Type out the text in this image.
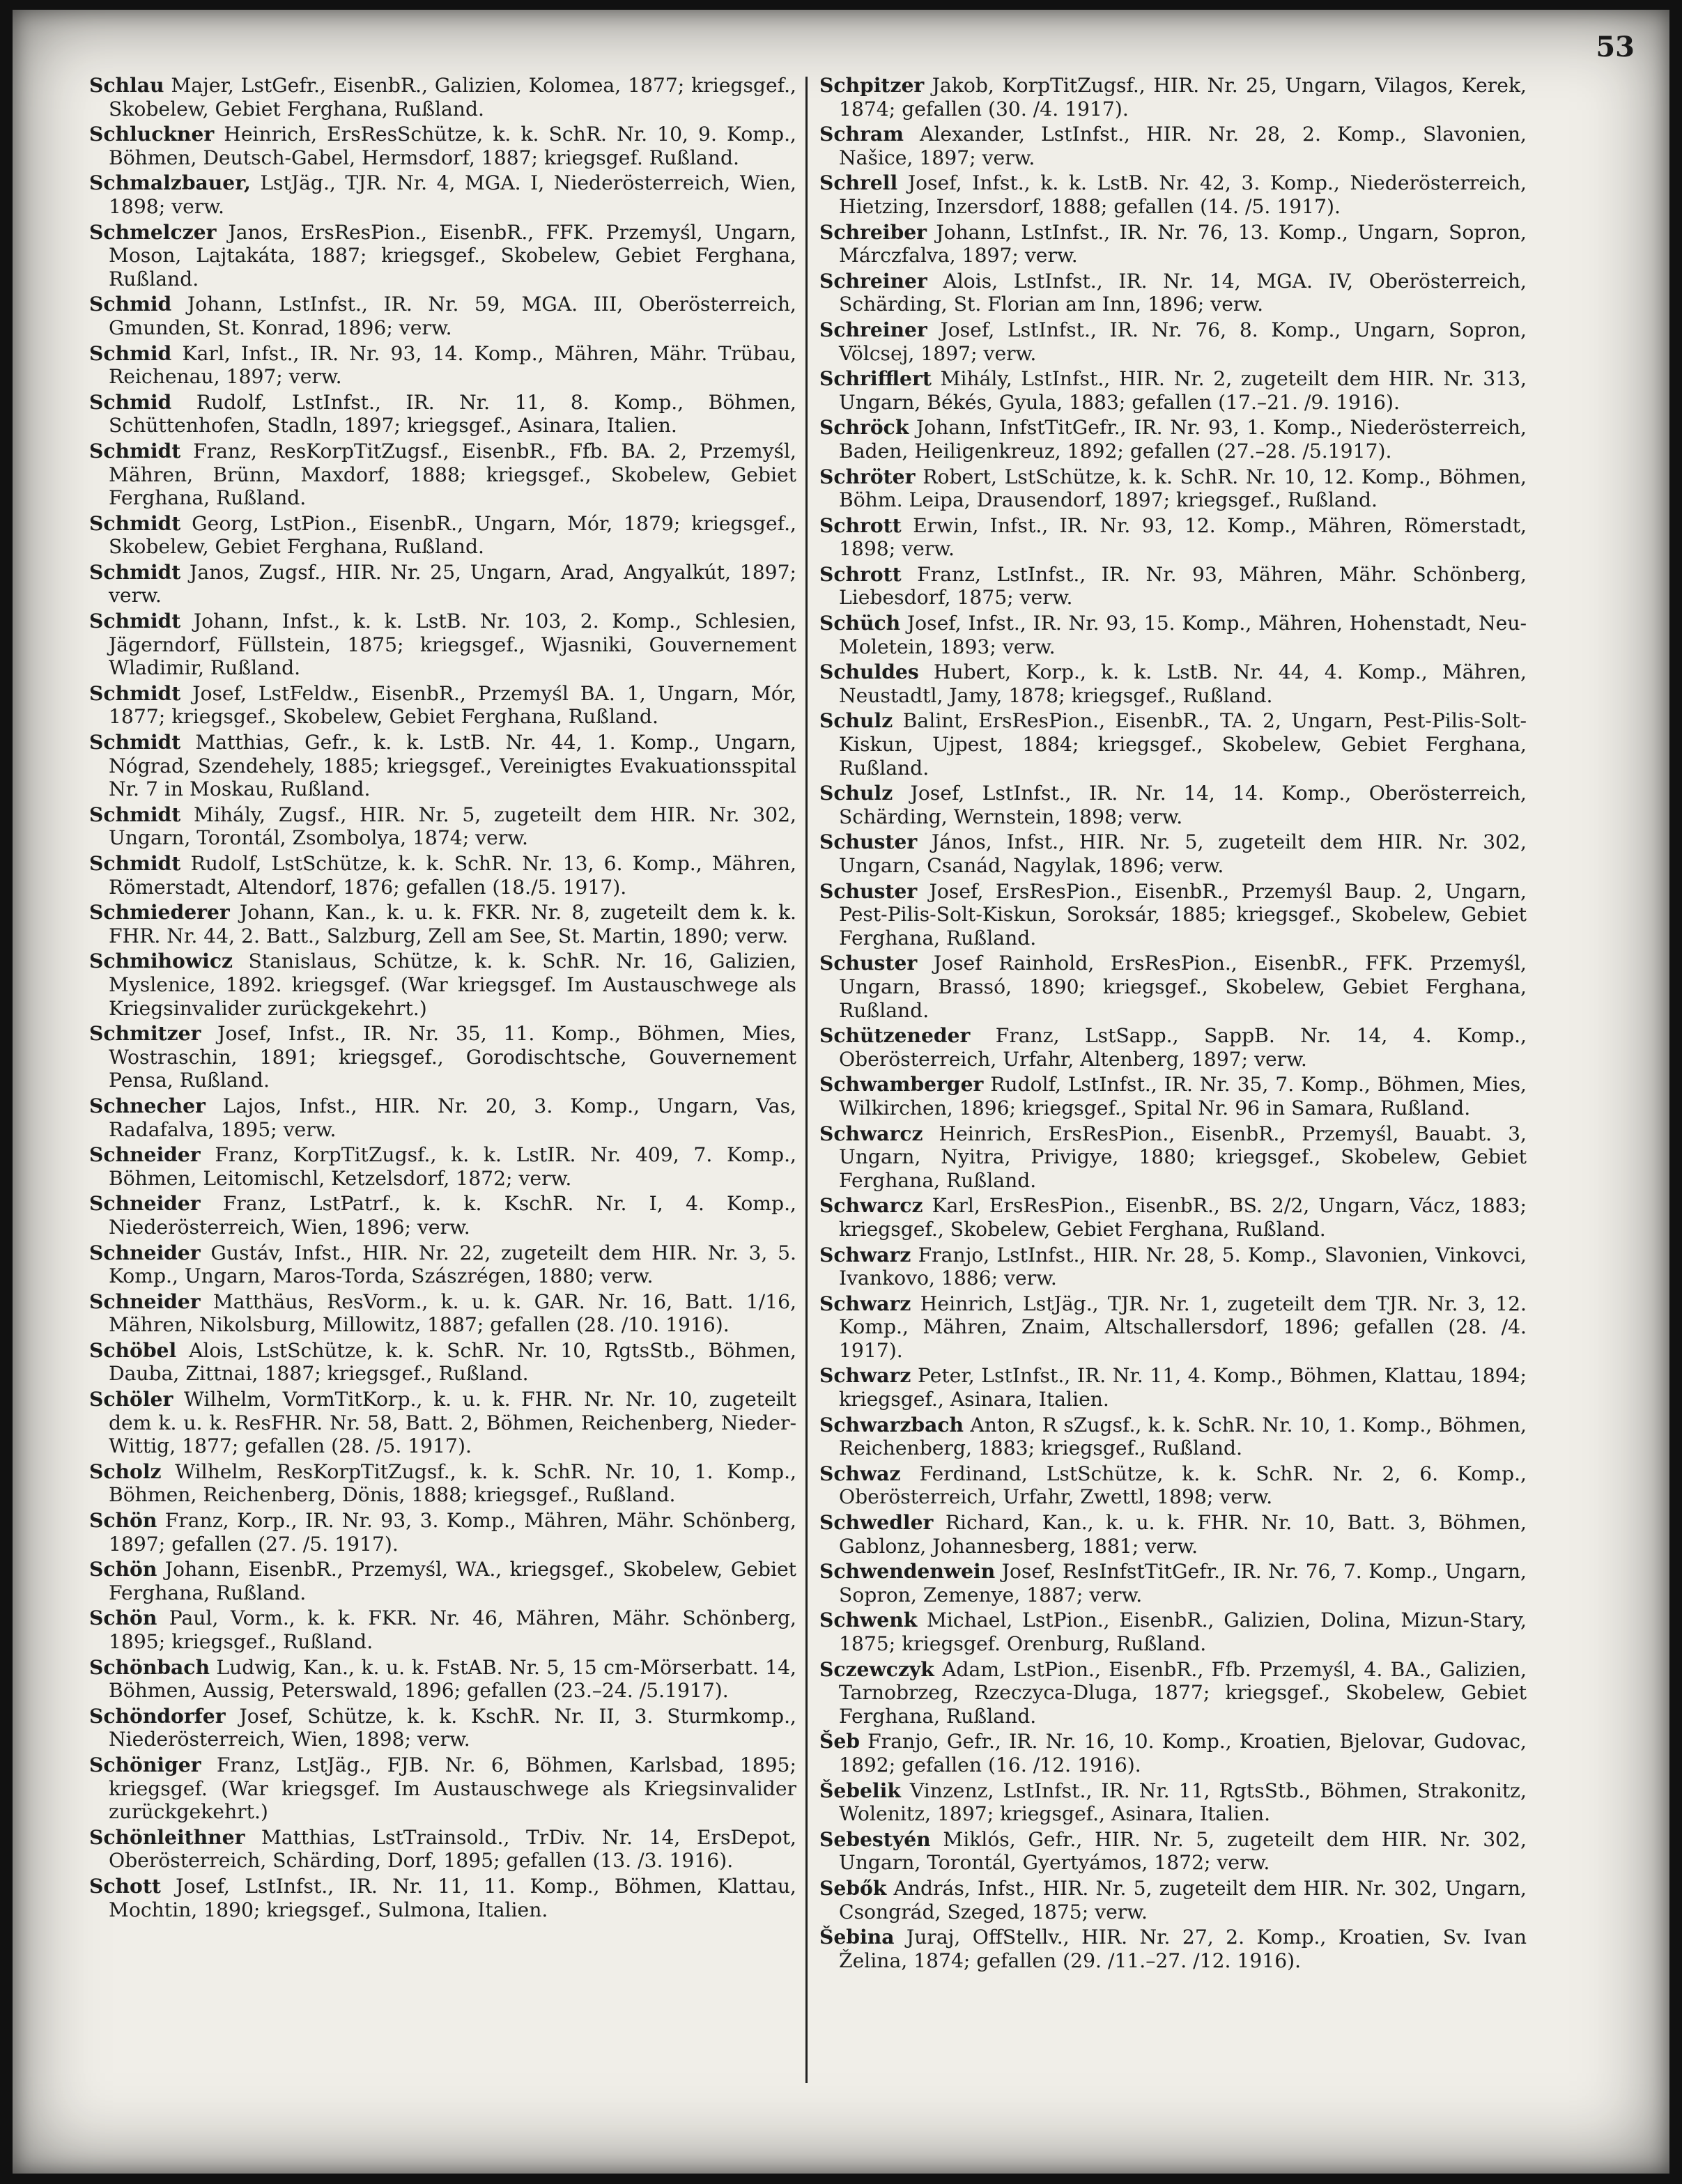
53

Schlau Majer, LstGefr., EisenbR., Galizien, Kolomea, 1877; kriegsgef., Skobelew, Gebiet Ferghana, Rußland.

Schluckner Heinrich, ErsResSchütze, k. k. SchR. Nr. 10, 9. Komp., Böhmen, Deutsch-Gabel, Hermsdorf, 1887; kriegsgef. Rußland.

Schmalzbauer, LstJäg., TJR. Nr. 4, MGA. I, Niederösterreich, Wien, 1898; verw.

Schmelczer Janos, ErsResPion., EisenbR., FFK. Przemyśl, Ungarn, Moson, Lajtakáta, 1887; kriegsgef., Skobelew, Gebiet Ferghana, Rußland.

Schmid Johann, LstInfst., IR. Nr. 59, MGA. III, Oberösterreich, Gmunden, St. Konrad, 1896; verw.

Schmid Karl, Infst., IR. Nr. 93, 14. Komp., Mähren, Mähr. Trübau, Reichenau, 1897; verw.

Schmid Rudolf, LstInfst., IR. Nr. 11, 8. Komp., Böhmen, Schüttenhofen, Stadln, 1897; kriegsgef., Asinara, Italien.

Schmidt Franz, ResKorpTitZugsf., EisenbR., Ffb. BA. 2, Przemyśl, Mähren, Brünn, Maxdorf, 1888; kriegsgef., Skobelew, Gebiet Ferghana, Rußland.

Schmidt Georg, LstPion., EisenbR., Ungarn, Mór, 1879; kriegsgef., Skobelew, Gebiet Ferghana, Rußland.

Schmidt Janos, Zugsf., HIR. Nr. 25, Ungarn, Arad, Angyalkút, 1897; verw.

Schmidt Johann, Infst., k. k. LstB. Nr. 103, 2. Komp., Schlesien, Jägerndorf, Füllstein, 1875; kriegsgef., Wjasniki, Gouvernement Wladimir, Rußland.

Schmidt Josef, LstFeldw., EisenbR., Przemyśl BA. 1, Ungarn, Mór, 1877; kriegsgef., Skobelew, Gebiet Ferghana, Rußland.

Schmidt Matthias, Gefr., k. k. LstB. Nr. 44, 1. Komp., Ungarn, Nógrad, Szendehely, 1885; kriegsgef., Vereinigtes Evakuationsspital Nr. 7 in Moskau, Rußland.

Schmidt Mihály, Zugsf., HIR. Nr. 5, zugeteilt dem HIR. Nr. 302, Ungarn, Torontál, Zsombolya, 1874; verw.

Schmidt Rudolf, LstSchütze, k. k. SchR. Nr. 13, 6. Komp., Mähren, Römerstadt, Altendorf, 1876; gefallen (18./5. 1917).

Schmiederer Johann, Kan., k. u. k. FKR. Nr. 8, zugeteilt dem k. k. FHR. Nr. 44, 2. Batt., Salzburg, Zell am See, St. Martin, 1890; verw.

Schmihowicz Stanislaus, Schütze, k. k. SchR. Nr. 16, Galizien, Myslenice, 1892. kriegsgef. (War kriegsgef. Im Austauschwege als Kriegsinvalider zurückgekehrt.)

Schmitzer Josef, Infst., IR. Nr. 35, 11. Komp., Böhmen, Mies, Wostraschin, 1891; kriegsgef., Gorodischtsche, Gouvernement Pensa, Rußland.

Schnecher Lajos, Infst., HIR. Nr. 20, 3. Komp., Ungarn, Vas, Radafalva, 1895; verw.

Schneider Franz, KorpTitZugsf., k. k. LstIR. Nr. 409, 7. Komp., Böhmen, Leitomischl, Ketzelsdorf, 1872; verw.

Schneider Franz, LstPatrf., k. k. KschR. Nr. I, 4. Komp., Niederösterreich, Wien, 1896; verw.

Schneider Gustáv, Infst., HIR. Nr. 22, zugeteilt dem HIR. Nr. 3, 5. Komp., Ungarn, Maros-Torda, Szászrégen, 1880; verw.

Schneider Matthäus, ResVorm., k. u. k. GAR. Nr. 16, Batt. 1/16, Mähren, Nikolsburg, Millowitz, 1887; gefallen (28. /10. 1916).

Schöbel Alois, LstSchütze, k. k. SchR. Nr. 10, RgtsStb., Böhmen, Dauba, Zittnai, 1887; kriegsgef., Rußland.

Schöler Wilhelm, VormTitKorp., k. u. k. FHR. Nr. Nr. 10, zugeteilt dem k. u. k. ResFHR. Nr. 58, Batt. 2, Böhmen, Reichenberg, Nieder-Wittig, 1877; gefallen (28. /5. 1917).

Scholz Wilhelm, ResKorpTitZugsf., k. k. SchR. Nr. 10, 1. Komp., Böhmen, Reichenberg, Dönis, 1888; kriegsgef., Rußland.

Schön Franz, Korp., IR. Nr. 93, 3. Komp., Mähren, Mähr. Schönberg, 1897; gefallen (27. /5. 1917).

Schön Johann, EisenbR., Przemyśl, WA., kriegsgef., Skobelew, Gebiet Ferghana, Rußland.

Schön Paul, Vorm., k. k. FKR. Nr. 46, Mähren, Mähr. Schönberg, 1895; kriegsgef., Rußland.

Schönbach Ludwig, Kan., k. u. k. FstAB. Nr. 5, 15 cm-Mörserbatt. 14, Böhmen, Aussig, Peterswald, 1896; gefallen (23.–24. /5.1917).

Schöndorfer Josef, Schütze, k. k. KschR. Nr. II, 3. Sturmkomp., Niederösterreich, Wien, 1898; verw.

Schöniger Franz, LstJäg., FJB. Nr. 6, Böhmen, Karlsbad, 1895; kriegsgef. (War kriegsgef. Im Austauschwege als Kriegsinvalider zurückgekehrt.)

Schönleithner Matthias, LstTrainsold., TrDiv. Nr. 14, ErsDepot, Oberösterreich, Schärding, Dorf, 1895; gefallen (13. /3. 1916).

Schott Josef, LstInfst., IR. Nr. 11, 11. Komp., Böhmen, Klattau, Mochtin, 1890; kriegsgef., Sulmona, Italien.

Schpitzer Jakob, KorpTitZugsf., HIR. Nr. 25, Ungarn, Vilagos, Kerek, 1874; gefallen (30. /4. 1917).

Schram Alexander, LstInfst., HIR. Nr. 28, 2. Komp., Slavonien, Našice, 1897; verw.

Schrell Josef, Infst., k. k. LstB. Nr. 42, 3. Komp., Niederösterreich, Hietzing, Inzersdorf, 1888; gefallen (14. /5. 1917).

Schreiber Johann, LstInfst., IR. Nr. 76, 13. Komp., Ungarn, Sopron, Márczfalva, 1897; verw.

Schreiner Alois, LstInfst., IR. Nr. 14, MGA. IV, Oberösterreich, Schärding, St. Florian am Inn, 1896; verw.

Schreiner Josef, LstInfst., IR. Nr. 76, 8. Komp., Ungarn, Sopron, Völcsej, 1897; verw.

Schrifflert Mihály, LstInfst., HIR. Nr. 2, zugeteilt dem HIR. Nr. 313, Ungarn, Békés, Gyula, 1883; gefallen (17.–21. /9. 1916).

Schröck Johann, InfstTitGefr., IR. Nr. 93, 1. Komp., Niederösterreich, Baden, Heiligenkreuz, 1892; gefallen (27.–28. /5.1917).

Schröter Robert, LstSchütze, k. k. SchR. Nr. 10, 12. Komp., Böhmen, Böhm. Leipa, Drausendorf, 1897; kriegsgef., Rußland.

Schrott Erwin, Infst., IR. Nr. 93, 12. Komp., Mähren, Römerstadt, 1898; verw.

Schrott Franz, LstInfst., IR. Nr. 93, Mähren, Mähr. Schönberg, Liebesdorf, 1875; verw.

Schüch Josef, Infst., IR. Nr. 93, 15. Komp., Mähren, Hohenstadt, Neu-Moletein, 1893; verw.

Schuldes Hubert, Korp., k. k. LstB. Nr. 44, 4. Komp., Mähren, Neustadtl, Jamy, 1878; kriegsgef., Rußland.

Schulz Balint, ErsResPion., EisenbR., TA. 2, Ungarn, Pest-Pilis-Solt-Kiskun, Ujpest, 1884; kriegsgef., Skobelew, Gebiet Ferghana, Rußland.

Schulz Josef, LstInfst., IR. Nr. 14, 14. Komp., Oberösterreich, Schärding, Wernstein, 1898; verw.

Schuster János, Infst., HIR. Nr. 5, zugeteilt dem HIR. Nr. 302, Ungarn, Csanád, Nagylak, 1896; verw.

Schuster Josef, ErsResPion., EisenbR., Przemyśl Baup. 2, Ungarn, Pest-Pilis-Solt-Kiskun, Soroksár, 1885; kriegsgef., Skobelew, Gebiet Ferghana, Rußland.

Schuster Josef Rainhold, ErsResPion., EisenbR., FFK. Przemyśl, Ungarn, Brassó, 1890; kriegsgef., Skobelew, Gebiet Ferghana, Rußland.

Schützeneder Franz, LstSapp., SappB. Nr. 14, 4. Komp., Oberösterreich, Urfahr, Altenberg, 1897; verw.

Schwamberger Rudolf, LstInfst., IR. Nr. 35, 7. Komp., Böhmen, Mies, Wilkirchen, 1896; kriegsgef., Spital Nr. 96 in Samara, Rußland.

Schwarcz Heinrich, ErsResPion., EisenbR., Przemyśl, Bauabt. 3, Ungarn, Nyitra, Privigye, 1880; kriegsgef., Skobelew, Gebiet Ferghana, Rußland.

Schwarcz Karl, ErsResPion., EisenbR., BS. 2/2, Ungarn, Vácz, 1883; kriegsgef., Skobelew, Gebiet Ferghana, Rußland.

Schwarz Franjo, LstInfst., HIR. Nr. 28, 5. Komp., Slavonien, Vinkovci, Ivankovo, 1886; verw.

Schwarz Heinrich, LstJäg., TJR. Nr. 1, zugeteilt dem TJR. Nr. 3, 12. Komp., Mähren, Znaim, Altschallersdorf, 1896; gefallen (28. /4. 1917).

Schwarz Peter, LstInfst., IR. Nr. 11, 4. Komp., Böhmen, Klattau, 1894; kriegsgef., Asinara, Italien.

Schwarzbach Anton, R sZugsf., k. k. SchR. Nr. 10, 1. Komp., Böhmen, Reichenberg, 1883; kriegsgef., Rußland.

Schwaz Ferdinand, LstSchütze, k. k. SchR. Nr. 2, 6. Komp., Oberösterreich, Urfahr, Zwettl, 1898; verw.

Schwedler Richard, Kan., k. u. k. FHR. Nr. 10, Batt. 3, Böhmen, Gablonz, Johannesberg, 1881; verw.

Schwendenwein Josef, ResInfstTitGefr., IR. Nr. 76, 7. Komp., Ungarn, Sopron, Zemenye, 1887; verw.

Schwenk Michael, LstPion., EisenbR., Galizien, Dolina, Mizun-Stary, 1875; kriegsgef. Orenburg, Rußland.

Sczewczyk Adam, LstPion., EisenbR., Ffb. Przemyśl, 4. BA., Galizien, Tarnobrzeg, Rzeczyca-Dluga, 1877; kriegsgef., Skobelew, Gebiet Ferghana, Rußland.

Šeb Franjo, Gefr., IR. Nr. 16, 10. Komp., Kroatien, Bjelovar, Gudovac, 1892; gefallen (16. /12. 1916).

Šebelik Vinzenz, LstInfst., IR. Nr. 11, RgtsStb., Böhmen, Strakonitz, Wolenitz, 1897; kriegsgef., Asinara, Italien.

Sebestyén Miklós, Gefr., HIR. Nr. 5, zugeteilt dem HIR. Nr. 302, Ungarn, Torontál, Gyertyámos, 1872; verw.

Sebők András, Infst., HIR. Nr. 5, zugeteilt dem HIR. Nr. 302, Ungarn, Csongrád, Szeged, 1875; verw.

Šebina Juraj, OffStellv., HIR. Nr. 27, 2. Komp., Kroatien, Sv. Ivan Želina, 1874; gefallen (29. /11.–27. /12. 1916).
